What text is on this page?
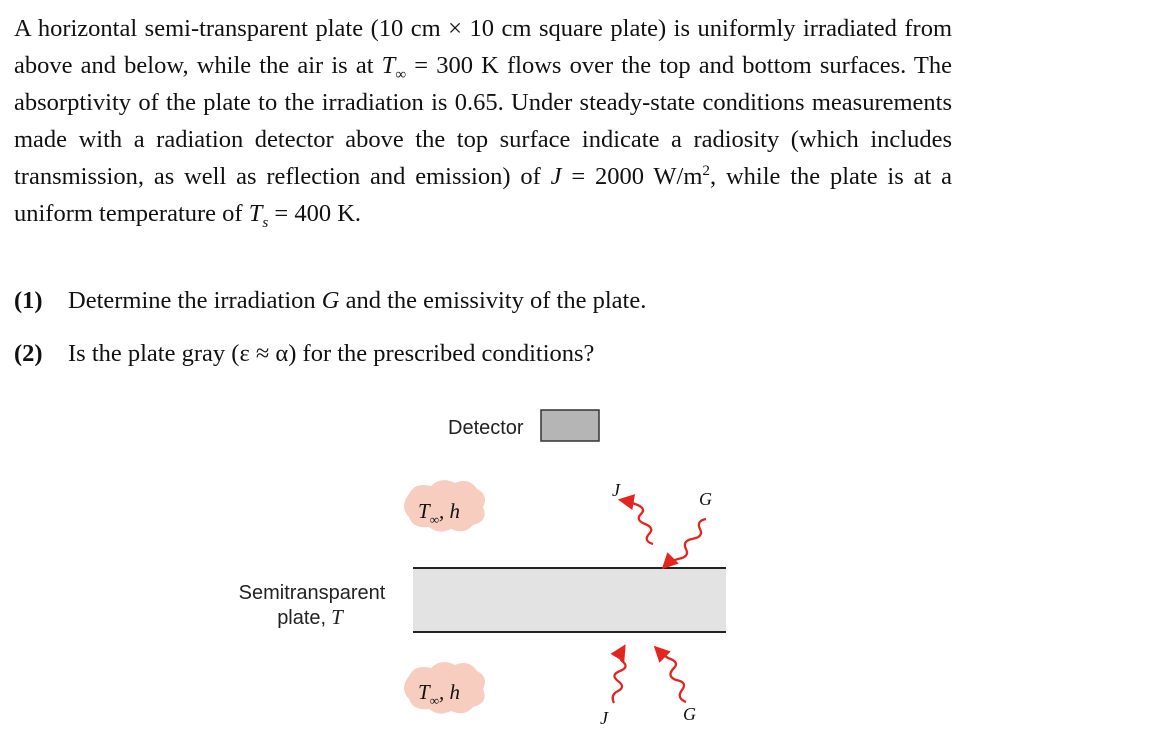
A horizontal semi-transparent plate (10 cm × 10 cm square plate) is uniformly irradiated from above and below, while the air is at $T_\infty = 300$ K flows over the top and bottom surfaces. The absorptivity of the plate to the irradiation is 0.65. Under steady-state conditions measurements made with a radiation detector above the top surface indicate a radiosity (which includes transmission, as well as reflection and emission) of J = 2000 $W/m^2$, while the plate is at a uniform temperature of $T_s = 400$ K.

(1) Determine the irradiation G and the emissivity of the plate.
(2) Is the plate gray (ε ≈ α) for the prescribed conditions?
Detector
Semitransparent
plate, T
$T_\infty$, h
$T_\infty$, h
J	G
J	G
